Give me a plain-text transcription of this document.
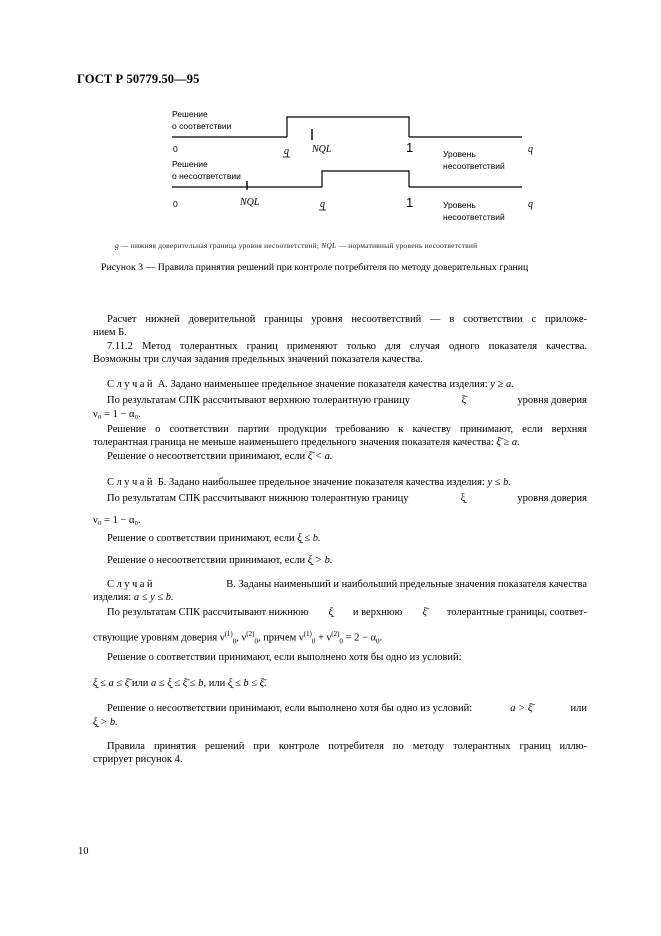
ГОСТ Р 50779.50—95
Решение
о соответствии
0	q NQL	1	Уровень
несоответствий
q
Решение
о несоответствии
0	NQL	q	1	Уровень
несоответствий
q
q — нижняя доверительная граница уровня несоответствий; NQL — нормативный уровень несоответствий
Рисунок 3 — Правила принятия решений при контроле потребителя по методу доверительных границ
Расчет нижней доверительной границы уровня несоответствий — в соответствии с приложе-
нием Б.
7.11.2 Метод толерантных границ применяют только для случая одного показателя качества.
Возможны три случая задания предельных значений показателя качества.
Случай А. Задано наименьшее предельное значение показателя качества изделия: y ≥ a.
По результатам СПК рассчитывают верхнюю толерантную границу	ξ̄	уровня доверия
ν₀ = 1 − α₀.
Решение о соответствии партии продукции требованию к качеству принимают, если верхняя
толерантная граница не меньше наименьшего предельного значения показателя качества: ξ̄ ≥ a.
Решение о несоответствии принимают, если ξ̄ < a.
Случай Б. Задано наибольшее предельное значение показателя качества изделия: y ≤ b.
По результатам СПК рассчитывают нижнюю толерантную границу	ξ̰	уровня доверия
ν₀ = 1 − α₀.
Решение о соответствии принимают, если ξ̰ ≤ b.
Решение о несоответствии принимают, если ξ̰ > b.
Случай	В. Заданы наименьший и наибольший предельные значения показателя качества
изделия: a ≤ y ≤ b.
По результатам СПК рассчитывают нижнюю ξ̰ и верхнюю ξ̄ толерантные границы, соответ-
ствующие уровням доверия $\nu^{(1)}_0$, $\nu^{(2)}_0$, причем $\nu^{(1)}_0 + \nu^{(2)}_0 = 2 - \alpha_0$.
Решение о соответствии принимают, если выполнено хотя бы одно из условий:
ξ̰ ≤ a ≤ ξ̄ или a ≤ ξ̰ ≤ ξ̄ ≤ b, или ξ̰ ≤ b ≤ ξ̄.
Решение о несоответствии принимают, если выполнено хотя бы одно из условий:	a > ξ̄	или
ξ̰ > b.
Правила принятия решений при контроле потребителя по методу толерантных границ иллю-
стрирует рисунок 4.
10
